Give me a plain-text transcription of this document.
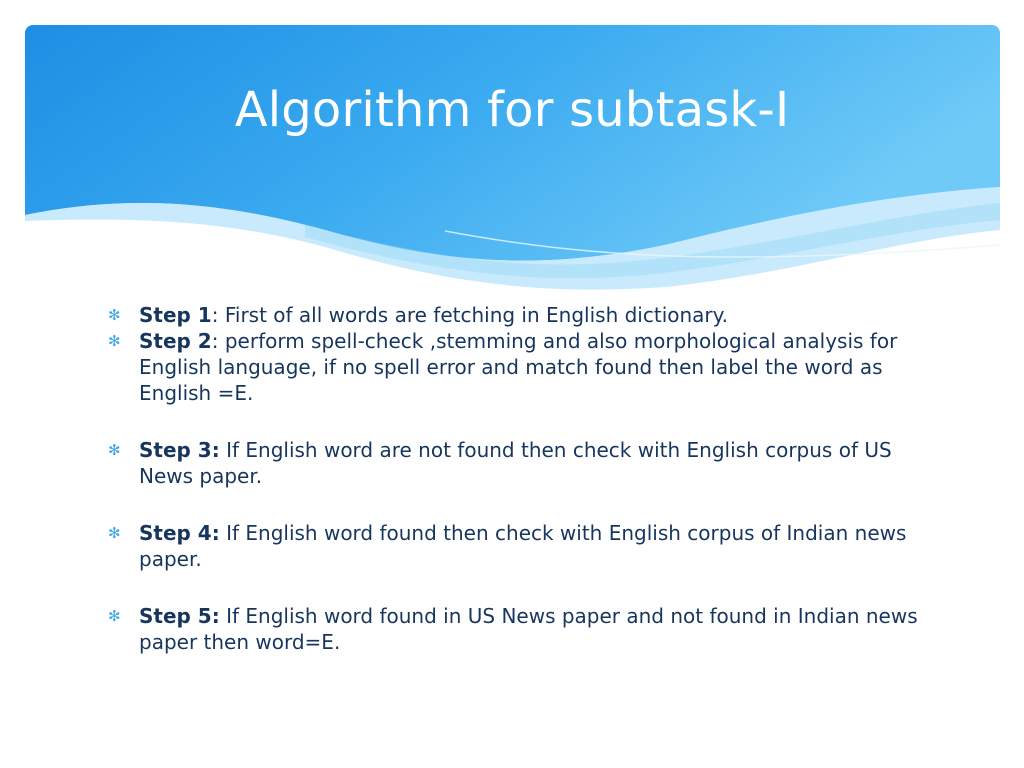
Algorithm for subtask-I
✻ Step 1: First of all words are fetching in English dictionary.
✻ Step 2: perform spell-check ,stemming and also morphological analysis for English language, if no spell error and match found then label the word as English =E.
✻ Step 3: If English word are not found then check with English corpus of US News paper.
✻ Step 4: If English word found then check with English corpus of Indian news paper.
✻ Step 5: If English word found in US News paper and not found in Indian news paper then word=E.
